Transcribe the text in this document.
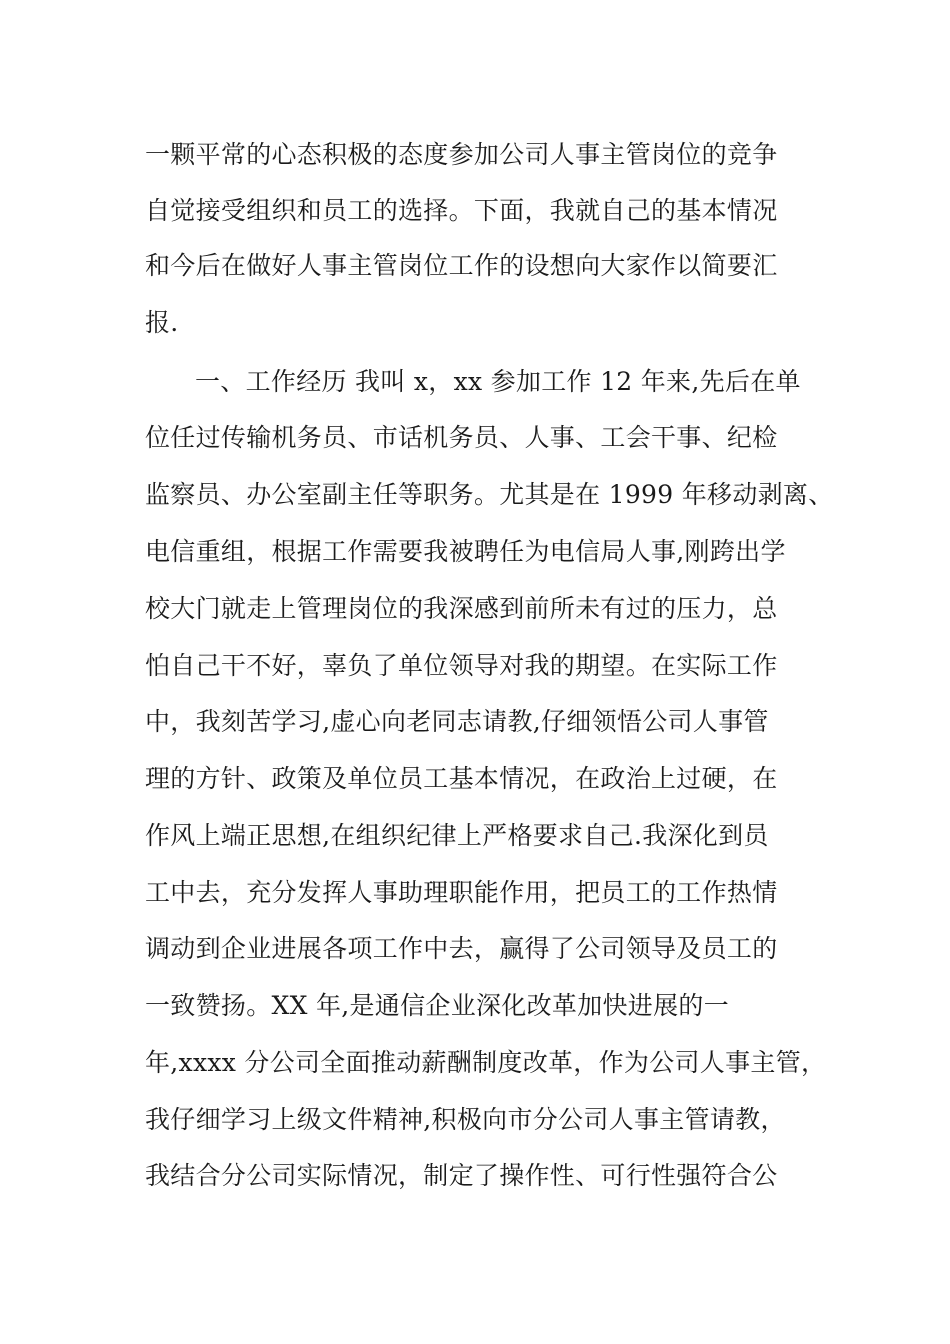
一颗平常的心态积极的态度参加公司人事主管岗位的竞争
自觉接受组织和员工的选择。下面，我就自己的基本情况
和今后在做好人事主管岗位工作的设想向大家作以简要汇
报.
一、工作经历 我叫 x，xx 参加工作 12 年来,先后在单
位任过传输机务员、市话机务员、人事、工会干事、纪检
监察员、办公室副主任等职务。尤其是在 1999 年移动剥离、
电信重组，根据工作需要我被聘任为电信局人事,刚跨出学
校大门就走上管理岗位的我深感到前所未有过的压力，总
怕自己干不好，辜负了单位领导对我的期望。在实际工作
中，我刻苦学习,虚心向老同志请教,仔细领悟公司人事管
理的方针、政策及单位员工基本情况，在政治上过硬，在
作风上端正思想,在组织纪律上严格要求自己.我深化到员
工中去，充分发挥人事助理职能作用，把员工的工作热情
调动到企业进展各项工作中去，赢得了公司领导及员工的
一致赞扬。XX 年,是通信企业深化改革加快进展的一
年,xxxx 分公司全面推动薪酬制度改革，作为公司人事主管，
我仔细学习上级文件精神,积极向市分公司人事主管请教，
我结合分公司实际情况，制定了操作性、可行性强符合公
